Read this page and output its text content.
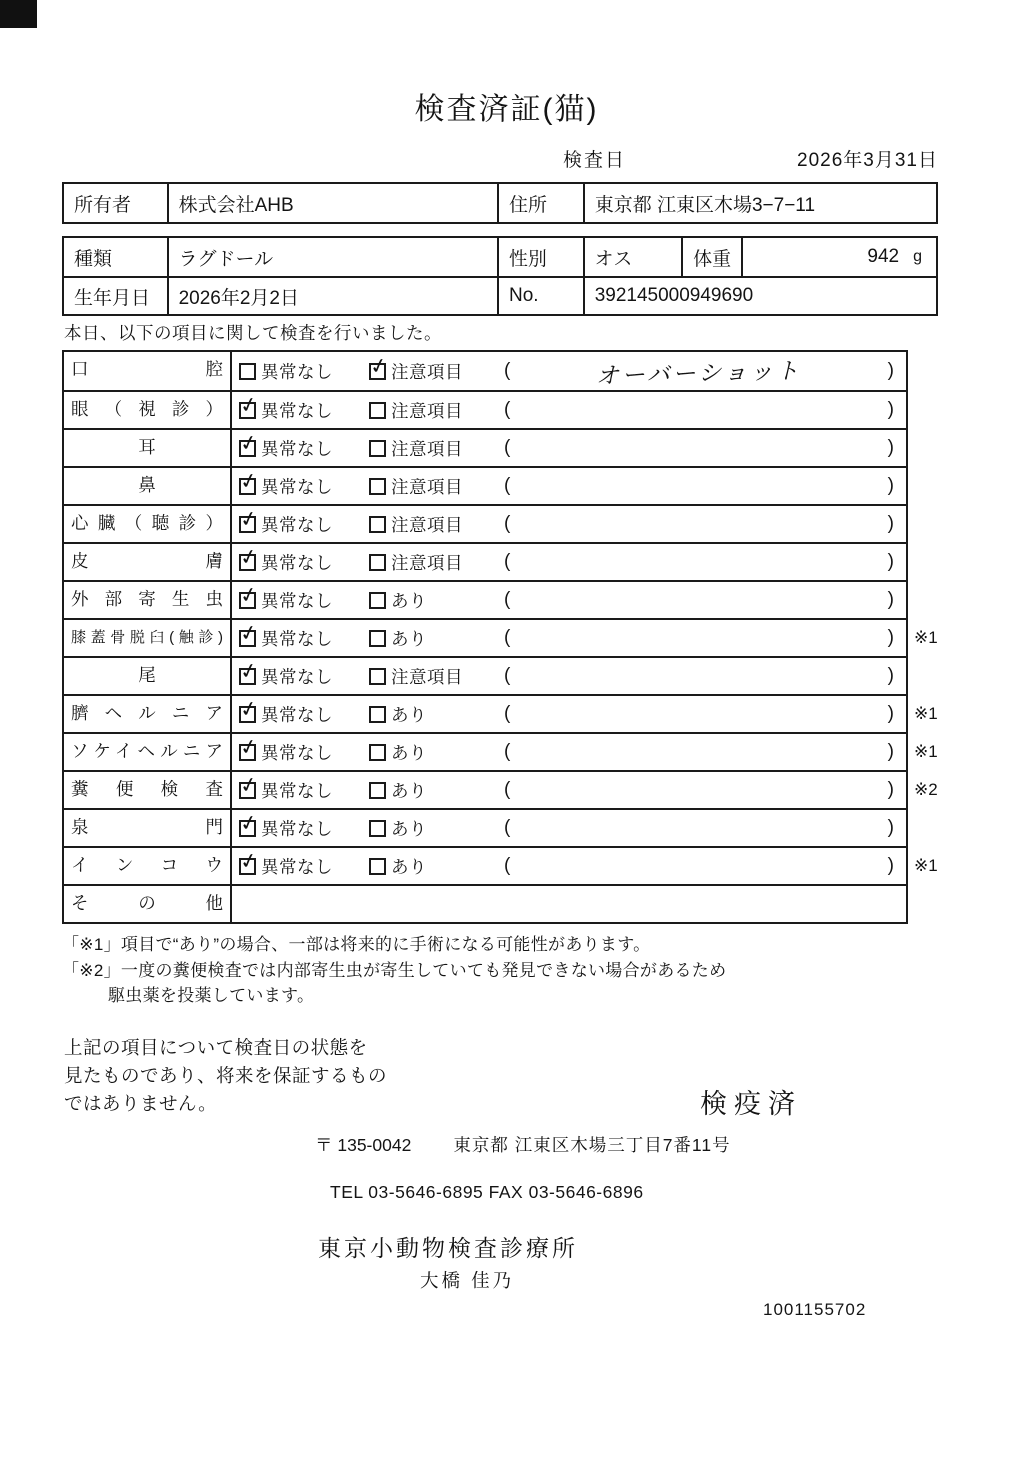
検査済証(猫)
検査日	2026年3月31日
所有者	株式会社AHB	住所	東京都 江東区木場3−7−11
種類	ラグドール	性別	オス	体重	942 g
生年月日	2026年2月2日	No.	392145000949690
本日、以下の項目に関して検査を行いました。
口腔	異常なし ✓ 注意項目 (	オーバーショット	)
眼（視診） ✓ 異常なし	注意項目 (	)
耳	✓ 異常なし	注意項目 (	)
鼻	✓ 異常なし	注意項目 (	)
心臓（聴診） ✓ 異常なし	注意項目 (	)
皮膚 ✓ 異常なし	注意項目 (	)
外部寄生虫 ✓ 異常なし	あり	(	)
膝蓋骨脱臼(触診) ✓ 異常なし	あり	(	) ※1
尾	✓ 異常なし	注意項目 (	)
臍ヘルニア ✓ 異常なし	あり	(	) ※1
ソケイヘルニア ✓ 異常なし	あり	(	) ※1
糞便検査 ✓ 異常なし	あり	(	) ※2
泉門 ✓ 異常なし	あり	(	)
インコウ ✓ 異常なし	あり	(	) ※1
その他
「※1」項目で“あり”の場合、一部は将来的に手術になる可能性があります。
「※2」一度の糞便検査では内部寄生虫が寄生していても発見できない場合があるため
駆虫薬を投薬しています。
上記の項目について検査日の状態を
見たものであり、将来を保証するもの
ではありません。	検疫済
〒 135-0042 東京都 江東区木場三丁目7番11号
TEL 03-5646-6895 FAX 03-5646-6896
東京小動物検査診療所
大橋 佳乃
1001155702
